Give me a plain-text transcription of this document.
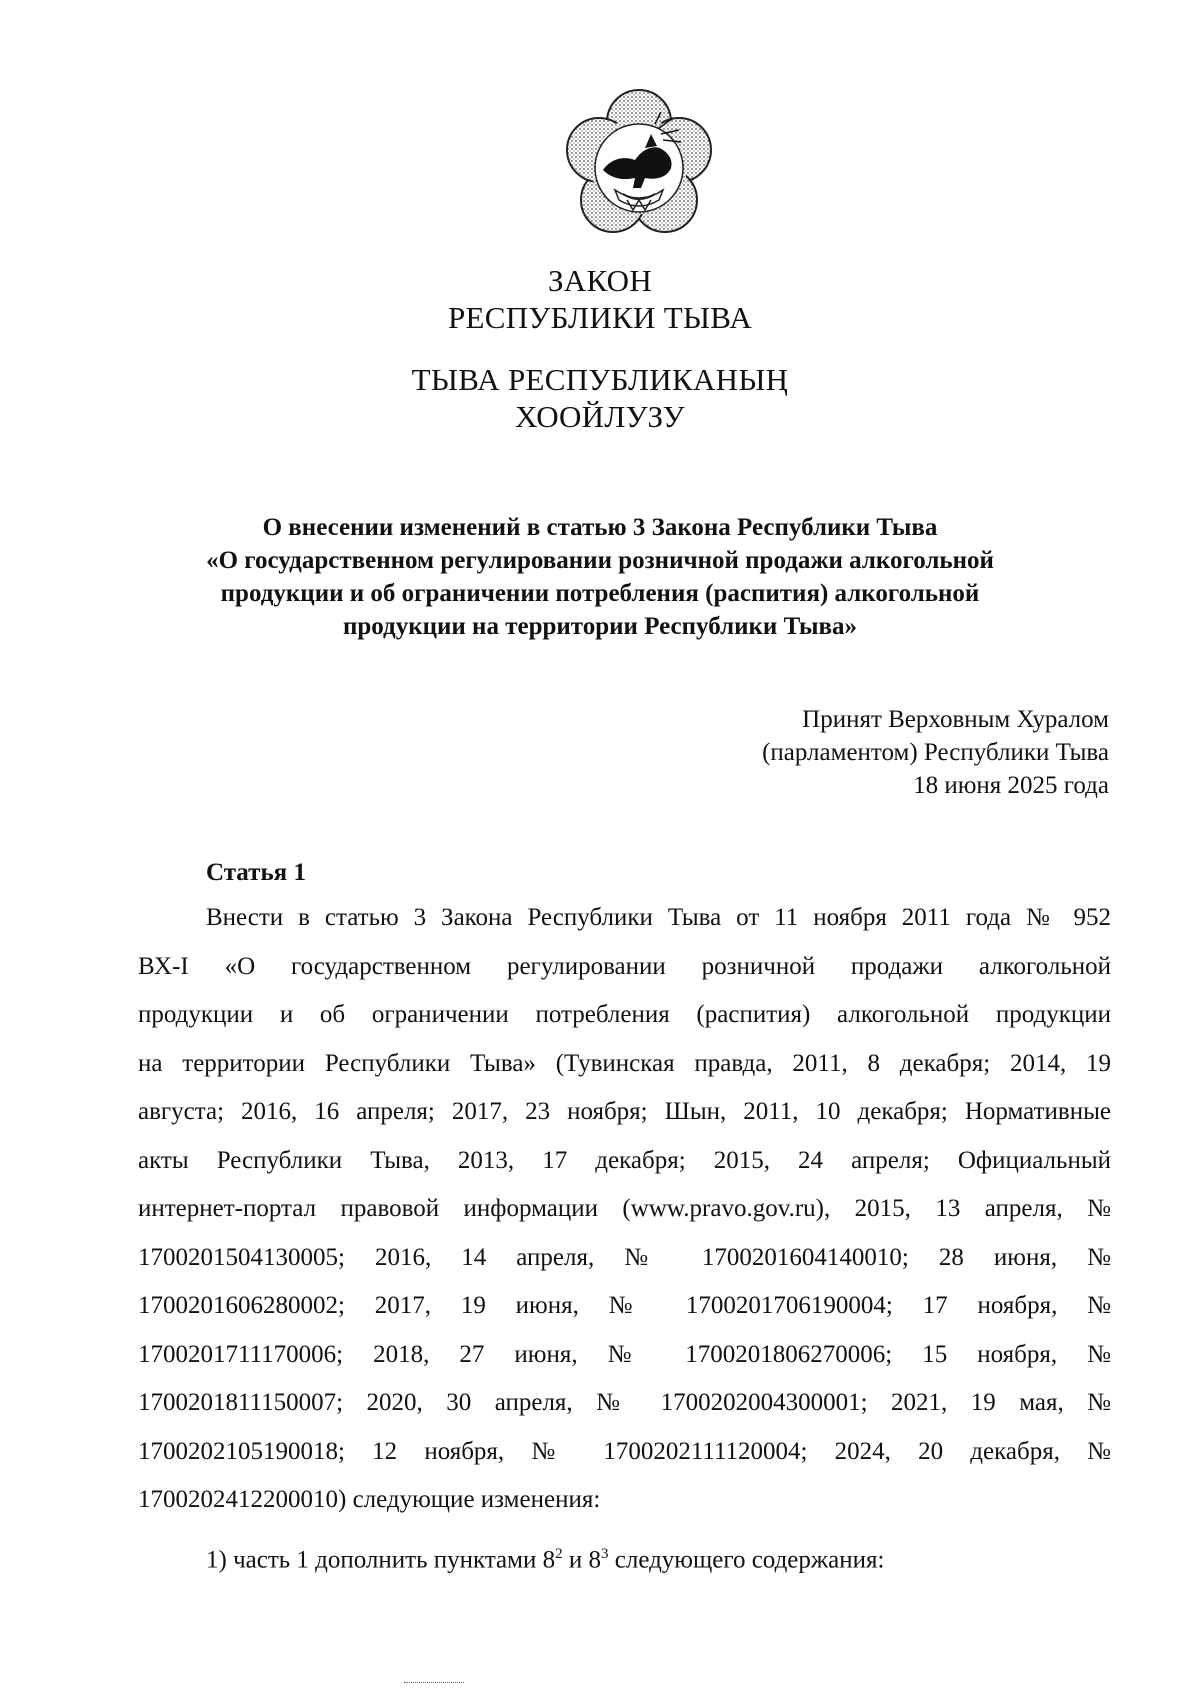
ЗАКОН
РЕСПУБЛИКИ ТЫВА
ТЫВА РЕСПУБЛИКАНЫҢ
ХООЙЛУЗУ
О внесении изменений в статью 3 Закона Республики Тыва
«О государственном регулировании розничной продажи алкогольной
продукции и об ограничении потребления (распития) алкогольной
продукции на территории Республики Тыва»
Принят Верховным Хуралом
(парламентом) Республики Тыва
18 июня 2025 года
Статья 1
Внести в статью 3 Закона Республики Тыва от 11 ноября 2011 года № 952
ВХ-I «О государственном регулировании розничной продажи алкогольной
продукции и об ограничении потребления (распития) алкогольной продукции
на территории Республики Тыва» (Тувинская правда, 2011, 8 декабря; 2014, 19
августа; 2016, 16 апреля; 2017, 23 ноября; Шын, 2011, 10 декабря; Нормативные
акты Республики Тыва, 2013, 17 декабря; 2015, 24 апреля; Официальный
интернет-портал правовой информации (www.pravo.gov.ru), 2015, 13 апреля, №
1700201504130005; 2016, 14 апреля, № 1700201604140010; 28 июня, №
1700201606280002; 2017, 19 июня, № 1700201706190004; 17 ноября, №
1700201711170006; 2018, 27 июня, № 1700201806270006; 15 ноября, №
1700201811150007; 2020, 30 апреля, № 1700202004300001; 2021, 19 мая, №
1700202105190018; 12 ноября, № 1700202111120004; 2024, 20 декабря, №
1700202412200010) следующие изменения:
1) часть 1 дополнить пунктами $8^2$ и $8^3$ следующего содержания:
